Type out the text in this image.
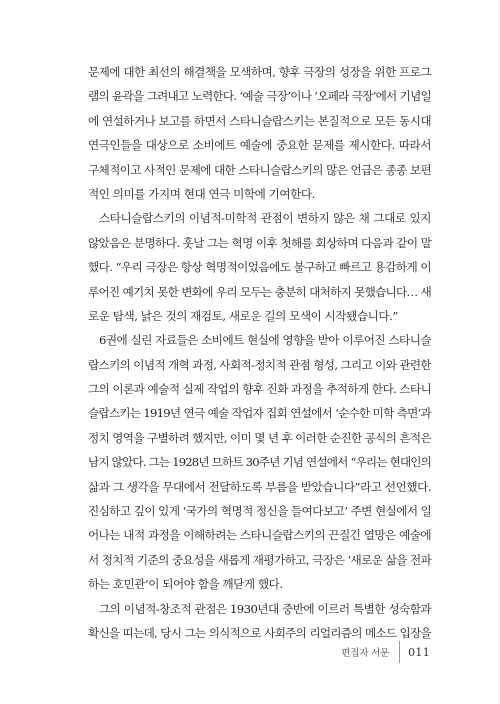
문제에 대한 최선의 해결책을 모색하며, 향후 극장의 성장을 위한 프로그
램의 윤곽을 그려내고 노력한다. ‘예술 극장’이나 ‘오페라 극장’에서 기념일
에 연설하거나 보고를 하면서 스타니슬랍스키는 본질적으로 모든 동시대
연극인들을 대상으로 소비에트 예술에 중요한 문제를 제시한다. 따라서
구체적이고 사적인 문제에 대한 스타니슬랍스키의 많은 언급은 종종 보편
적인 의미를 가지며 현대 연극 미학에 기여한다.
스타니슬랍스키의 이념적-미학적 관점이 변하지 않은 채 그대로 있지
않았음은 분명하다. 훗날 그는 혁명 이후 첫해를 회상하며 다음과 같이 말
했다. “우리 극장은 항상 혁명적이었음에도 불구하고 빠르고 용감하게 이
루어진 예기치 못한 변화에 우리 모두는 충분히 대처하지 못했습니다… 새
로운 탐색, 낡은 것의 재검토, 새로운 길의 모색이 시작됐습니다.”
6권에 실린 자료들은 소비에트 현실에 영향을 받아 이루어진 스타니슬
랍스키의 이념적 개혁 과정, 사회적-정치적 관점 형성, 그리고 이와 관련한
그의 이론과 예술적 실제 작업의 향후 진화 과정을 추적하게 한다. 스타니
슬랍스키는 1919년 연극 예술 작업자 집회 연설에서 ‘순수한 미학 측면’과
정치 영역을 구별하려 했지만, 이미 몇 년 후 이러한 순진한 공식의 흔적은
남지 않았다. 그는 1928년 므하트 30주년 기념 연설에서 “우리는 현대인의
삶과 그 생각을 무대에서 전달하도록 부름을 받았습니다”라고 선언했다.
진심하고 깊이 있게 ‘국가의 혁명적 정신을 들여다보고’ 주변 현실에서 일
어나는 내적 과정을 이해하려는 스타니슬랍스키의 끈질긴 열망은 예술에
서 정치적 기준의 중요성을 새롭게 재평가하고, 극장은 ‘새로운 삶을 전파
하는 호민관’이 되어야 함을 깨닫게 했다.
그의 이념적-창조적 관점은 1930년대 중반에 이르러 특별한 성숙함과
확신을 띠는데, 당시 그는 의식적으로 사회주의 리얼리즘의 메소드 입장을
편집자 서문 011
